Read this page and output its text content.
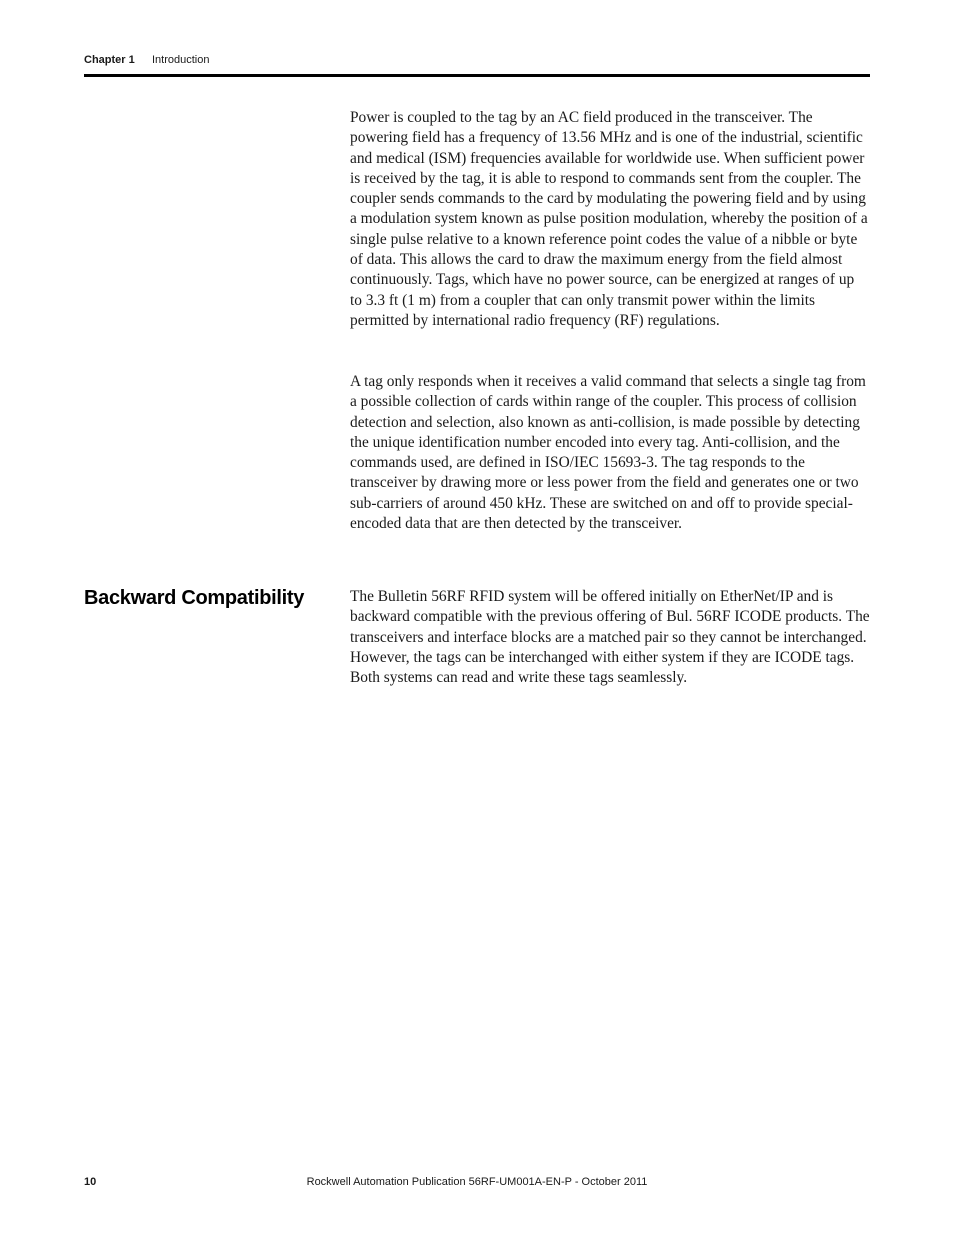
Chapter 1 Introduction

Power is coupled to the tag by an AC field produced in the transceiver. The powering field has a frequency of 13.56 MHz and is one of the industrial, scientific and medical (ISM) frequencies available for worldwide use. When sufficient power is received by the tag, it is able to respond to commands sent from the coupler. The coupler sends commands to the card by modulating the powering field and by using a modulation system known as pulse position modulation, whereby the position of a single pulse relative to a known reference point codes the value of a nibble or byte of data. This allows the card to draw the maximum energy from the field almost continuously. Tags, which have no power source, can be energized at ranges of up to 3.3 ft (1 m) from a coupler that can only transmit power within the limits permitted by international radio frequency (RF) regulations.

A tag only responds when it receives a valid command that selects a single tag from a possible collection of cards within range of the coupler. This process of collision detection and selection, also known as anti-collision, is made possible by detecting the unique identification number encoded into every tag. Anti-collision, and the commands used, are defined in ISO/IEC 15693-3. The tag responds to the transceiver by drawing more or less power from the field and generates one or two sub-carriers of around 450 kHz. These are switched on and off to provide special-encoded data that are then detected by the transceiver.

Backward Compatibility	The Bulletin 56RF RFID system will be offered initially on EtherNet/IP and is backward compatible with the previous offering of Bul. 56RF ICODE products. The transceivers and interface blocks are a matched pair so they cannot be interchanged. However, the tags can be interchanged with either system if they are ICODE tags. Both systems can read and write these tags seamlessly.

10	Rockwell Automation Publication 56RF-UM001A-EN-P - October 2011
